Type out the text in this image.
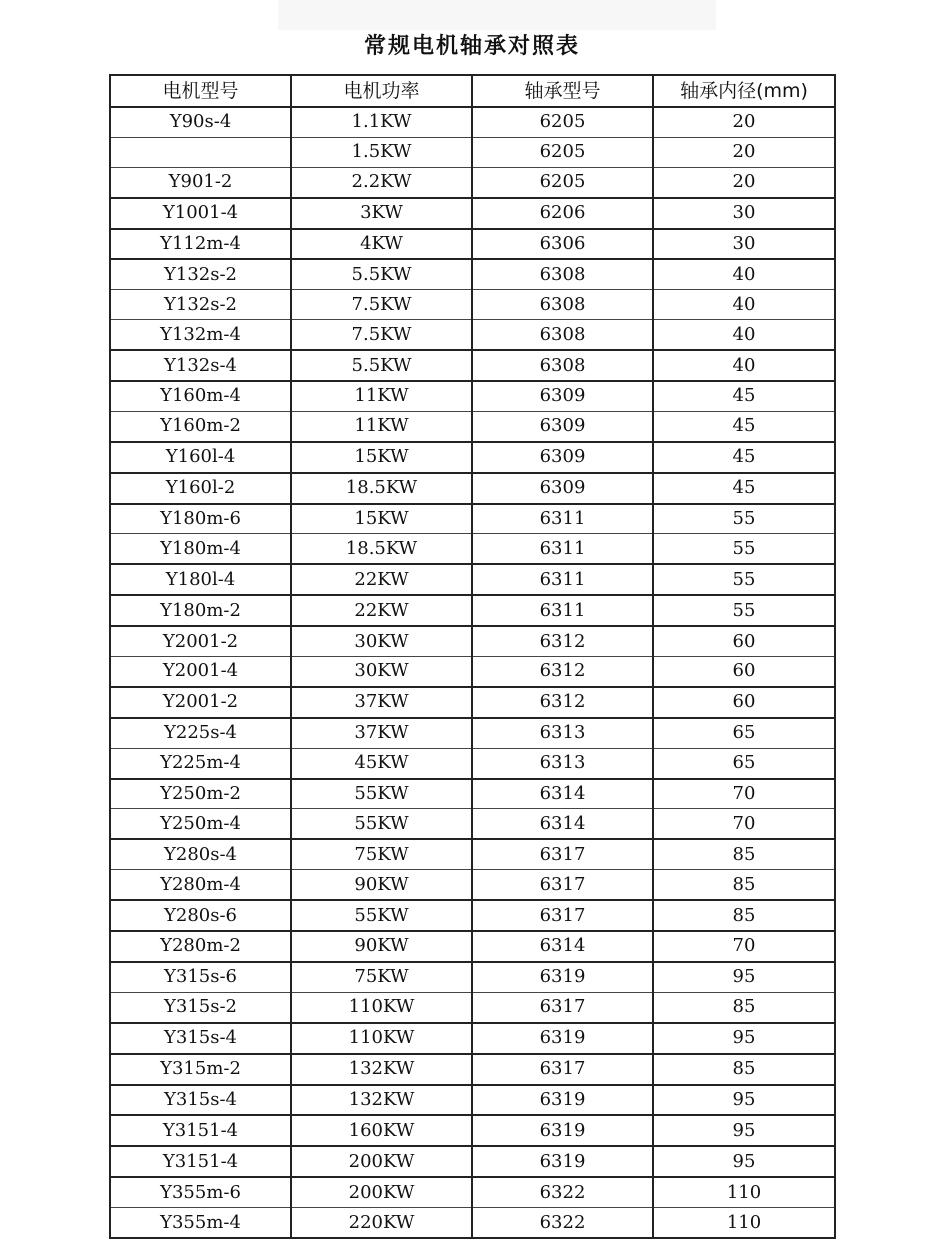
常规电机轴承对照表
电机型号	电机功率	轴承型号	轴承内径(mm)
Y90s-4	1.1KW	6205	20
	1.5KW	6205	20
Y901-2	2.2KW	6205	20
Y1001-4	3KW	6206	30
Y112m-4	4KW	6306	30
Y132s-2	5.5KW	6308	40
Y132s-2	7.5KW	6308	40
Y132m-4	7.5KW	6308	40
Y132s-4	5.5KW	6308	40
Y160m-4	11KW	6309	45
Y160m-2	11KW	6309	45
Y160l-4	15KW	6309	45
Y160l-2	18.5KW	6309	45
Y180m-6	15KW	6311	55
Y180m-4	18.5KW	6311	55
Y180l-4	22KW	6311	55
Y180m-2	22KW	6311	55
Y2001-2	30KW	6312	60
Y2001-4	30KW	6312	60
Y2001-2	37KW	6312	60
Y225s-4	37KW	6313	65
Y225m-4	45KW	6313	65
Y250m-2	55KW	6314	70
Y250m-4	55KW	6314	70
Y280s-4	75KW	6317	85
Y280m-4	90KW	6317	85
Y280s-6	55KW	6317	85
Y280m-2	90KW	6314	70
Y315s-6	75KW	6319	95
Y315s-2	110KW	6317	85
Y315s-4	110KW	6319	95
Y315m-2	132KW	6317	85
Y315s-4	132KW	6319	95
Y3151-4	160KW	6319	95
Y3151-4	200KW	6319	95
Y355m-6	200KW	6322	110
Y355m-4	220KW	6322	110
